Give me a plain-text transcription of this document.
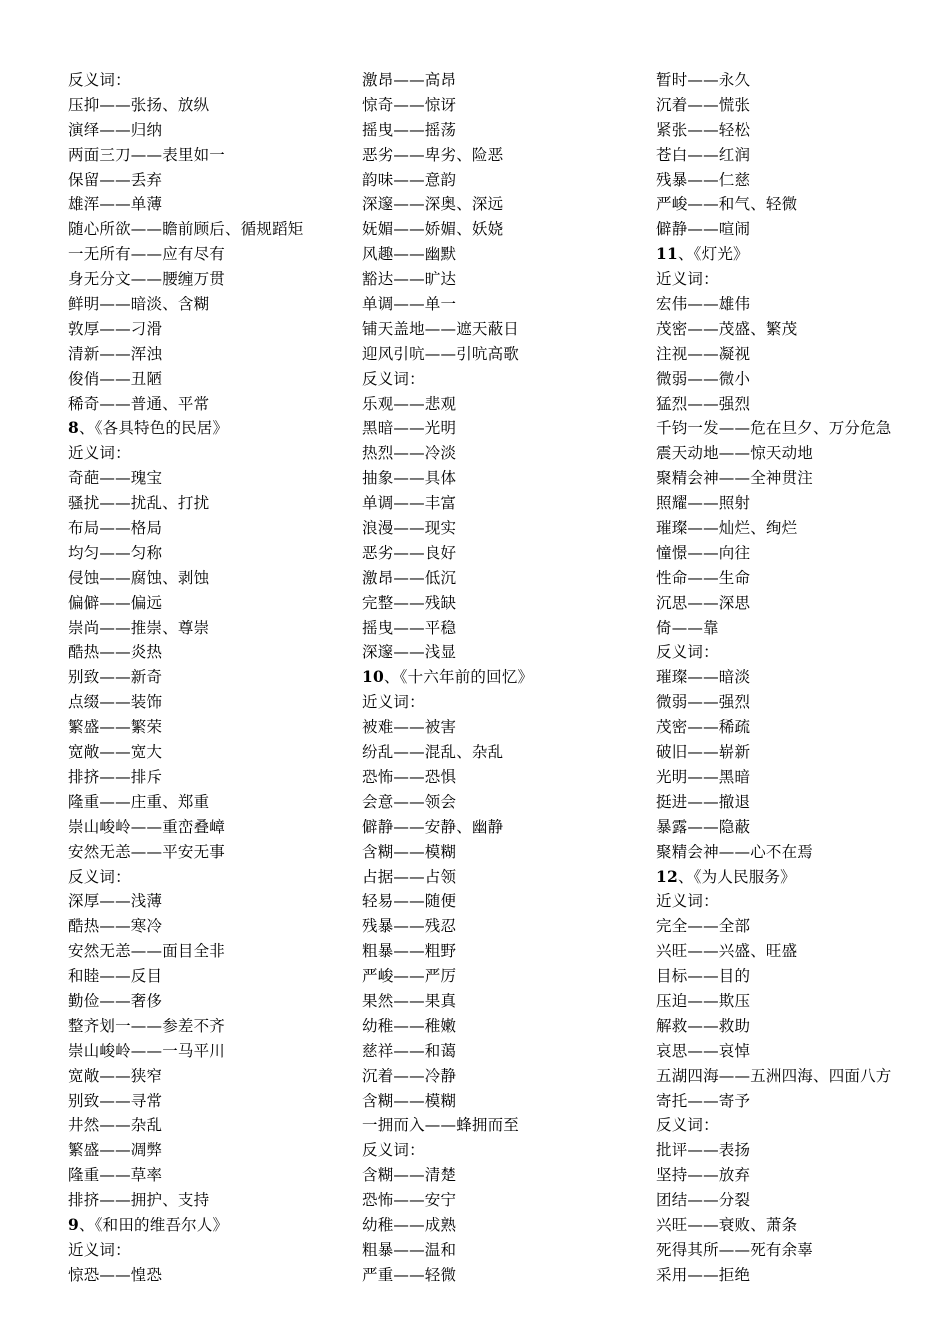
反义词：
压抑——张扬、放纵
演绎——归纳
两面三刀——表里如一
保留——丢弃
雄浑——单薄
随心所欲——瞻前顾后、循规蹈矩
一无所有——应有尽有
身无分文——腰缠万贯
鲜明——暗淡、含糊
敦厚——刁滑
清新——浑浊
俊俏——丑陋
稀奇——普通、平常
8、《各具特色的民居》
近义词：
奇葩——瑰宝
骚扰——扰乱、打扰
布局——格局
均匀——匀称
侵蚀——腐蚀、剥蚀
偏僻——偏远
崇尚——推崇、尊崇
酷热——炎热
别致——新奇
点缀——装饰
繁盛——繁荣
宽敞——宽大
排挤——排斥
隆重——庄重、郑重
崇山峻岭——重峦叠嶂
安然无恙——平安无事
反义词：
深厚——浅薄
酷热——寒冷
安然无恙——面目全非
和睦——反目
勤俭——奢侈
整齐划一——参差不齐
崇山峻岭——一马平川
宽敞——狭窄
别致——寻常
井然——杂乱
繁盛——凋弊
隆重——草率
排挤——拥护、支持
9、《和田的维吾尔人》
近义词：
惊恐——惶恐
激昂——高昂
惊奇——惊讶
摇曳——摇荡
恶劣——卑劣、险恶
韵味——意韵
深邃——深奥、深远
妩媚——娇媚、妖娆
风趣——幽默
豁达——旷达
单调——单一
铺天盖地——遮天蔽日
迎风引吭——引吭高歌
反义词：
乐观——悲观
黑暗——光明
热烈——冷淡
抽象——具体
单调——丰富
浪漫——现实
恶劣——良好
激昂——低沉
完整——残缺
摇曳——平稳
深邃——浅显
10、《十六年前的回忆》
近义词：
被难——被害
纷乱——混乱、杂乱
恐怖——恐惧
会意——领会
僻静——安静、幽静
含糊——模糊
占据——占领
轻易——随便
残暴——残忍
粗暴——粗野
严峻——严厉
果然——果真
幼稚——稚嫩
慈祥——和蔼
沉着——冷静
含糊——模糊
一拥而入——蜂拥而至
反义词：
含糊——清楚
恐怖——安宁
幼稚——成熟
粗暴——温和
严重——轻微
暂时——永久
沉着——慌张
紧张——轻松
苍白——红润
残暴——仁慈
严峻——和气、轻微
僻静——喧闹
11、《灯光》
近义词：
宏伟——雄伟
茂密——茂盛、繁茂
注视——凝视
微弱——微小
猛烈——强烈
千钧一发——危在旦夕、万分危急
震天动地——惊天动地
聚精会神——全神贯注
照耀——照射
璀璨——灿烂、绚烂
憧憬——向往
性命——生命
沉思——深思
倚——靠
反义词：
璀璨——暗淡
微弱——强烈
茂密——稀疏
破旧——崭新
光明——黑暗
挺进——撤退
暴露——隐蔽
聚精会神——心不在焉
12、《为人民服务》
近义词：
完全——全部
兴旺——兴盛、旺盛
目标——目的
压迫——欺压
解救——救助
哀思——哀悼
五湖四海——五洲四海、四面八方
寄托——寄予
反义词：
批评——表扬
坚持——放弃
团结——分裂
兴旺——衰败、萧条
死得其所——死有余辜
采用——拒绝
